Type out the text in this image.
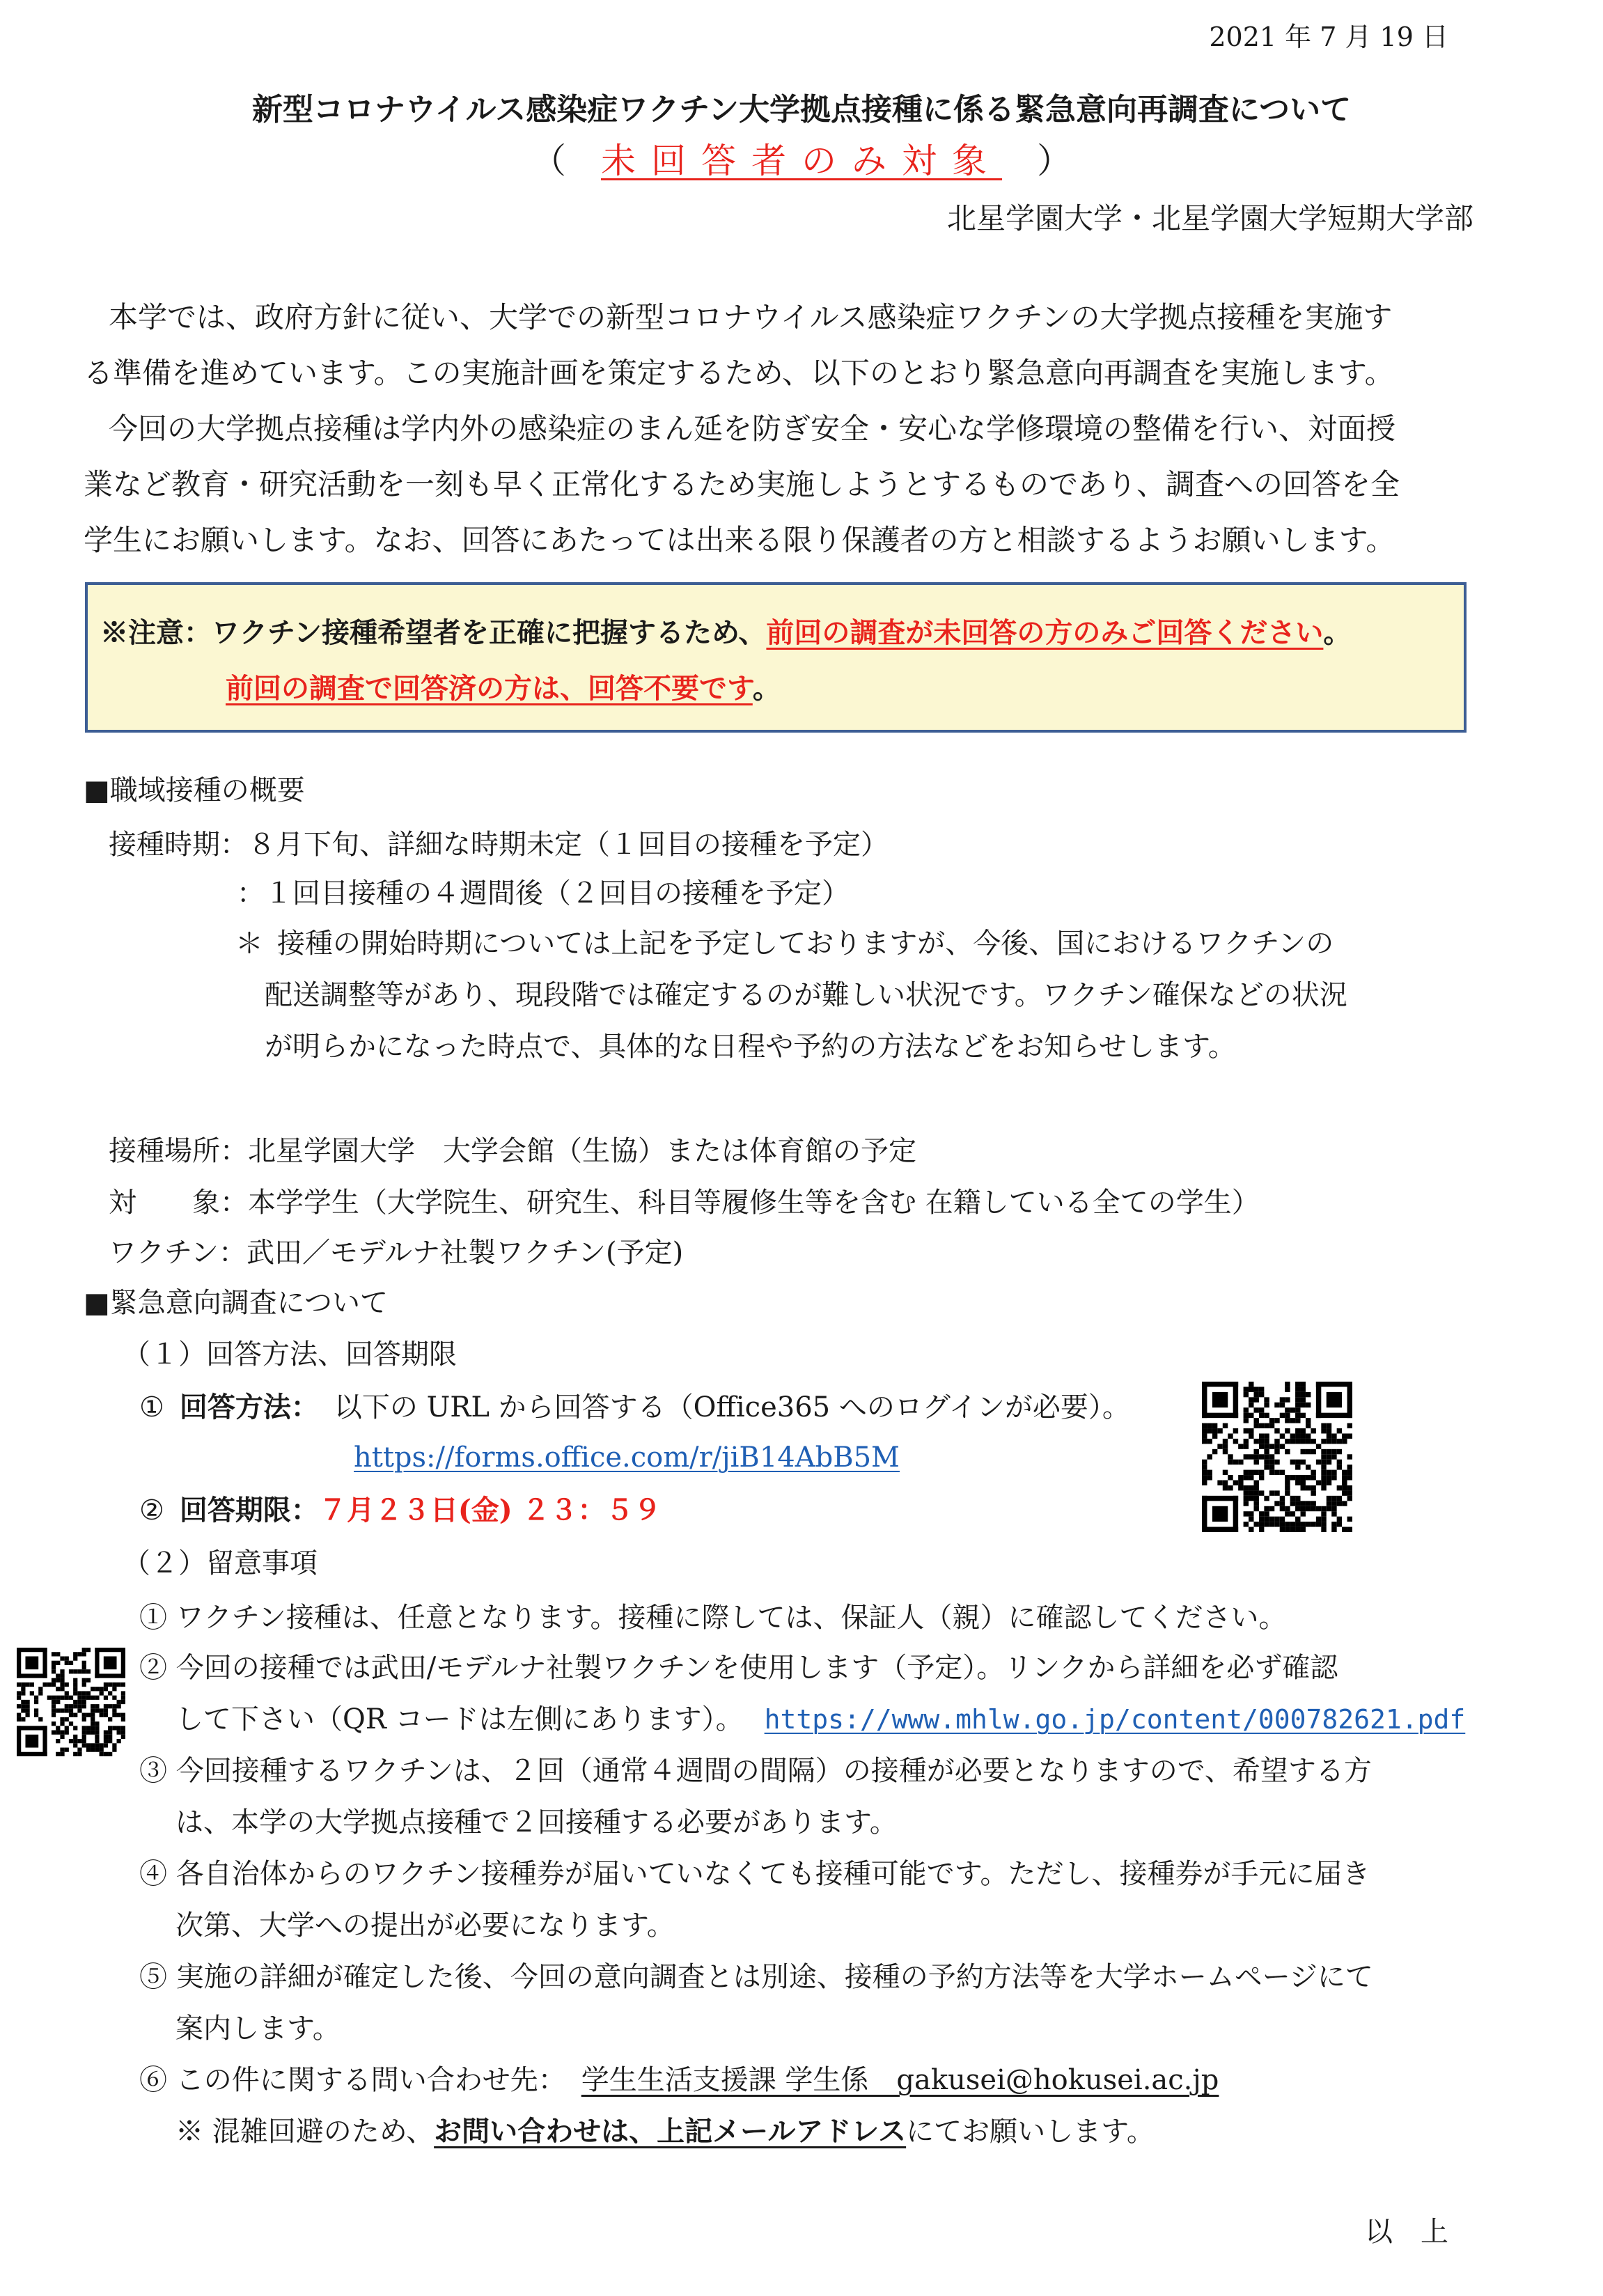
2021 年 7 月 19 日
新型コロナウイルス感染症ワクチン大学拠点接種に係る緊急意向再調査について
（ 未回答者のみ対象 ）
北星学園大学・北星学園大学短期大学部
本学では、政府方針に従い、大学での新型コロナウイルス感染症ワクチンの大学拠点接種を実施す
る準備を進めています。この実施計画を策定するため、以下のとおり緊急意向再調査を実施します。
今回の大学拠点接種は学内外の感染症のまん延を防ぎ安全・安心な学修環境の整備を行い、対面授
業など教育・研究活動を一刻も早く正常化するため実施しようとするものであり、調査への回答を全
学生にお願いします。なお、回答にあたっては出来る限り保護者の方と相談するようお願いします。
※注意：ワクチン接種希望者を正確に把握するため、前回の調査が未回答の方のみご回答ください。
前回の調査で回答済の方は、回答不要です。
■職域接種の概要
接種時期：８月下旬、詳細な時期未定（１回目の接種を予定）
：１回目接種の４週間後（２回目の接種を予定）
＊ 接種の開始時期については上記を予定しておりますが、今後、国におけるワクチンの
配送調整等があり、現段階では確定するのが難しい状況です。ワクチン確保などの状況
が明らかになった時点で、具体的な日程や予約の方法などをお知らせします。
接種場所：北星学園大学　大学会館（生協）または体育館の予定
対　　象：本学学生（大学院生、研究生、科目等履修生等を含む 在籍している全ての学生）
ワクチン：武田／モデルナ社製ワクチン(予定)
■緊急意向調査について
（１）回答方法、回答期限
① 回答方法： 以下の URL から回答する（Office365 へのログインが必要）。
https://forms.office.com/r/jiB14AbB5M
② 回答期限：７月２３日(金) ２３：５９
（２）留意事項
① ワクチン接種は、任意となります。接種に際しては、保証人（親）に確認してください。
② 今回の接種では武田/モデルナ社製ワクチンを使用します（予定）。リンクから詳細を必ず確認
して下さい（QR コードは左側にあります）。 https://www.mhlw.go.jp/content/000782621.pdf
③ 今回接種するワクチンは、２回（通常４週間の間隔）の接種が必要となりますので、希望する方
は、本学の大学拠点接種で２回接種する必要があります。
④ 各自治体からのワクチン接種券が届いていなくても接種可能です。ただし、接種券が手元に届き
次第、大学への提出が必要になります。
⑤ 実施の詳細が確定した後、今回の意向調査とは別途、接種の予約方法等を大学ホームページにて
案内します。
⑥ この件に関する問い合わせ先： 学生生活支援課 学生係　gakusei@hokusei.ac.jp
※ 混雑回避のため、お問い合わせは、上記メールアドレスにてお願いします。
以　上
